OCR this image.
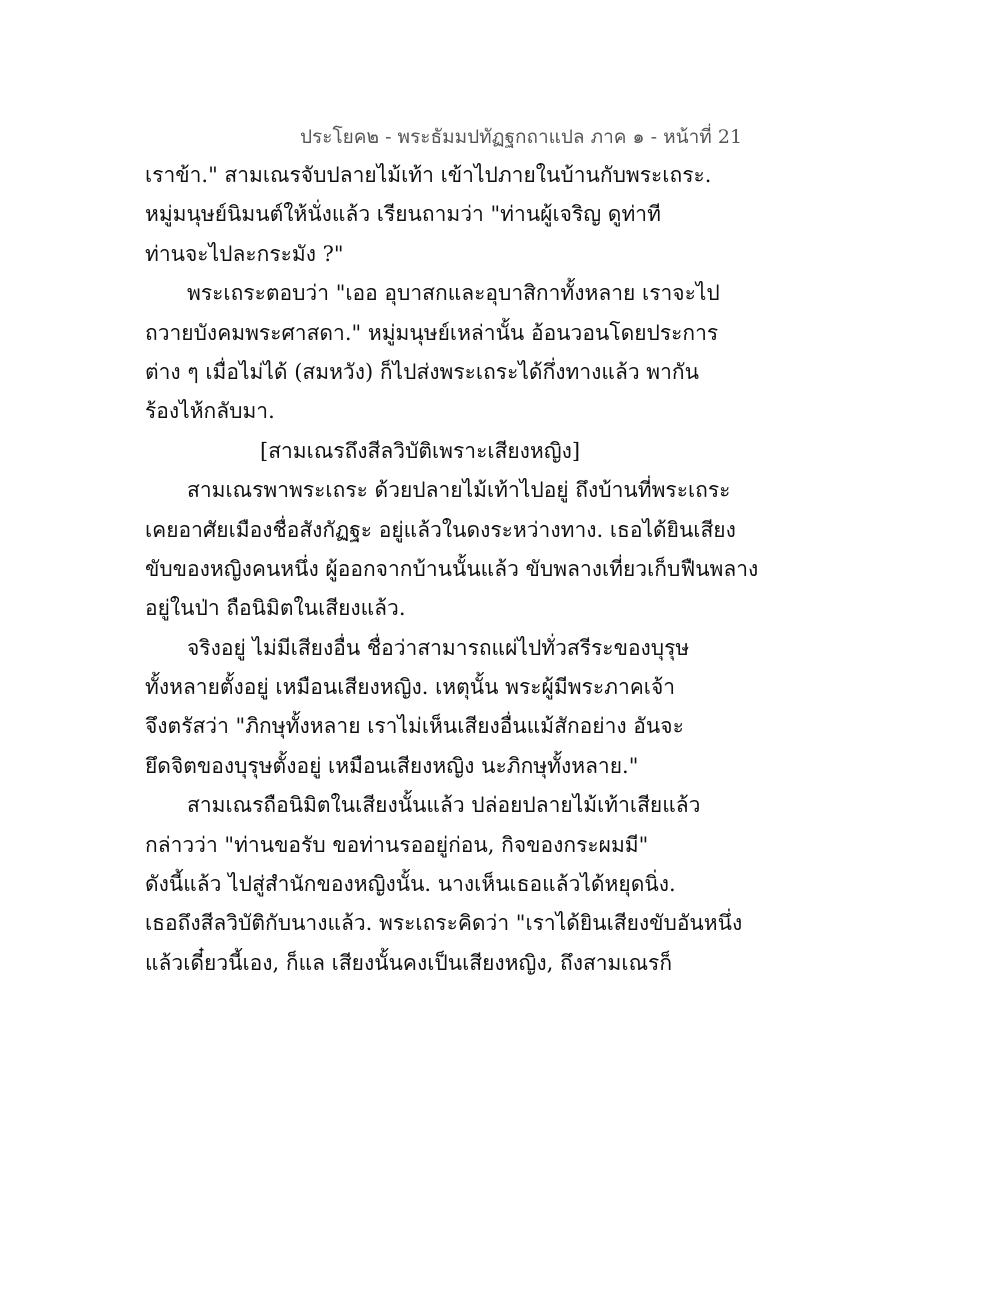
ประโยค๒ - พระธัมมปทัฏฐกถาแปล ภาค ๑ - หน้าที่ 21
เราข้า." สามเณรจับปลายไม้เท้า เข้าไปภายในบ้านกับพระเถระ.
หมู่มนุษย์นิมนต์ให้นั่งแล้ว เรียนถามว่า "ท่านผู้เจริญ ดูท่าที
ท่านจะไปละกระมัง ?"
พระเถระตอบว่า "เออ อุบาสกและอุบาสิกาทั้งหลาย เราจะไป
ถวายบังคมพระศาสดา." หมู่มนุษย์เหล่านั้น อ้อนวอนโดยประการ
ต่าง ๆ เมื่อไม่ได้ (สมหวัง) ก็ไปส่งพระเถระได้กึ่งทางแล้ว พากัน
ร้องไห้กลับมา.
[สามเณรถึงสีลวิบัติเพราะเสียงหญิง]
สามเณรพาพระเถระ ด้วยปลายไม้เท้าไปอยู่ ถึงบ้านที่พระเถระ
เคยอาศัยเมืองชื่อสังกัฏฐะ อยู่แล้วในดงระหว่างทาง. เธอได้ยินเสียง
ขับของหญิงคนหนึ่ง ผู้ออกจากบ้านนั้นแล้ว ขับพลางเที่ยวเก็บฟืนพลาง
อยู่ในป่า ถือนิมิตในเสียงแล้ว.
จริงอยู่ ไม่มีเสียงอื่น ชื่อว่าสามารถแผ่ไปทั่วสรีระของบุรุษ
ทั้งหลายตั้งอยู่ เหมือนเสียงหญิง. เหตุนั้น พระผู้มีพระภาคเจ้า
จึงตรัสว่า "ภิกษุทั้งหลาย เราไม่เห็นเสียงอื่นแม้สักอย่าง อันจะ
ยึดจิตของบุรุษตั้งอยู่ เหมือนเสียงหญิง นะภิกษุทั้งหลาย."
สามเณรถือนิมิตในเสียงนั้นแล้ว ปล่อยปลายไม้เท้าเสียแล้ว
กล่าวว่า "ท่านขอรับ ขอท่านรออยู่ก่อน, กิจของกระผมมี"
ดังนี้แล้ว ไปสู่สำนักของหญิงนั้น. นางเห็นเธอแล้วได้หยุดนิ่ง.
เธอถึงสีลวิบัติกับนางแล้ว. พระเถระคิดว่า "เราได้ยินเสียงขับอันหนึ่ง
แล้วเดี๋ยวนี้เอง, ก็แล เสียงนั้นคงเป็นเสียงหญิง, ถึงสามเณรก็
